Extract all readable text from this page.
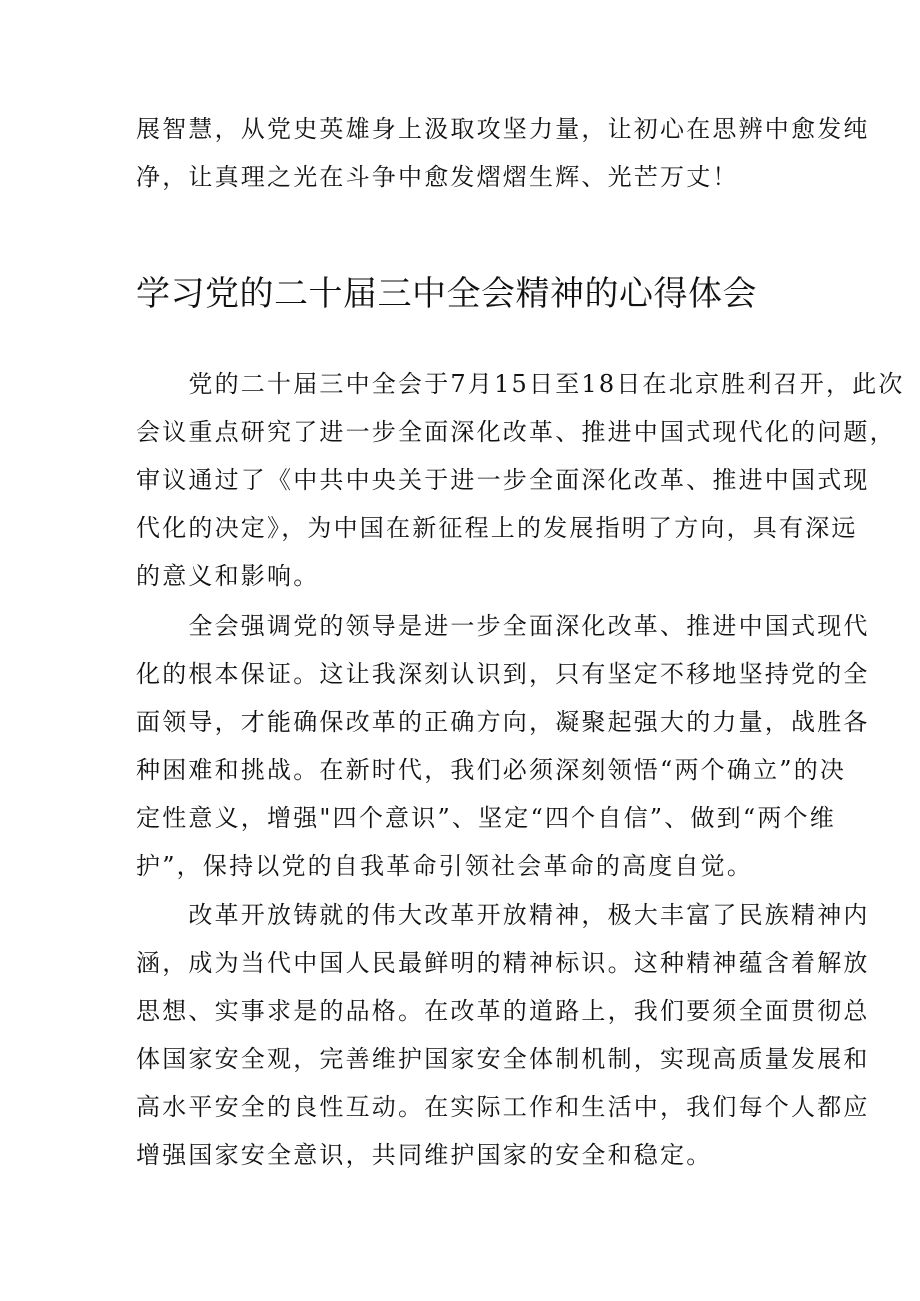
展智慧，从党史英雄身上汲取攻坚力量，让初心在思辨中愈发纯
净，让真理之光在斗争中愈发熠熠生辉、光芒万丈！
学习党的二十届三中全会精神的心得体会
　　党的二十届三中全会于7月15日至18日在北京胜利召开，此次
会议重点研究了进一步全面深化改革、推进中国式现代化的问题，
审议通过了《中共中央关于进一步全面深化改革、推进中国式现
代化的决定》，为中国在新征程上的发展指明了方向，具有深远
的意义和影响。
　　全会强调党的领导是进一步全面深化改革、推进中国式现代
化的根本保证。这让我深刻认识到，只有坚定不移地坚持党的全
面领导，才能确保改革的正确方向，凝聚起强大的力量，战胜各
种困难和挑战。在新时代，我们必须深刻领悟“两个确立”的决
定性意义，增强"四个意识”、坚定“四个自信”、做到“两个维
护”，保持以党的自我革命引领社会革命的高度自觉。
　　改革开放铸就的伟大改革开放精神，极大丰富了民族精神内
涵，成为当代中国人民最鲜明的精神标识。这种精神蕴含着解放
思想、实事求是的品格。在改革的道路上，我们要须全面贯彻总
体国家安全观，完善维护国家安全体制机制，实现高质量发展和
高水平安全的良性互动。在实际工作和生活中，我们每个人都应
增强国家安全意识，共同维护国家的安全和稳定。
